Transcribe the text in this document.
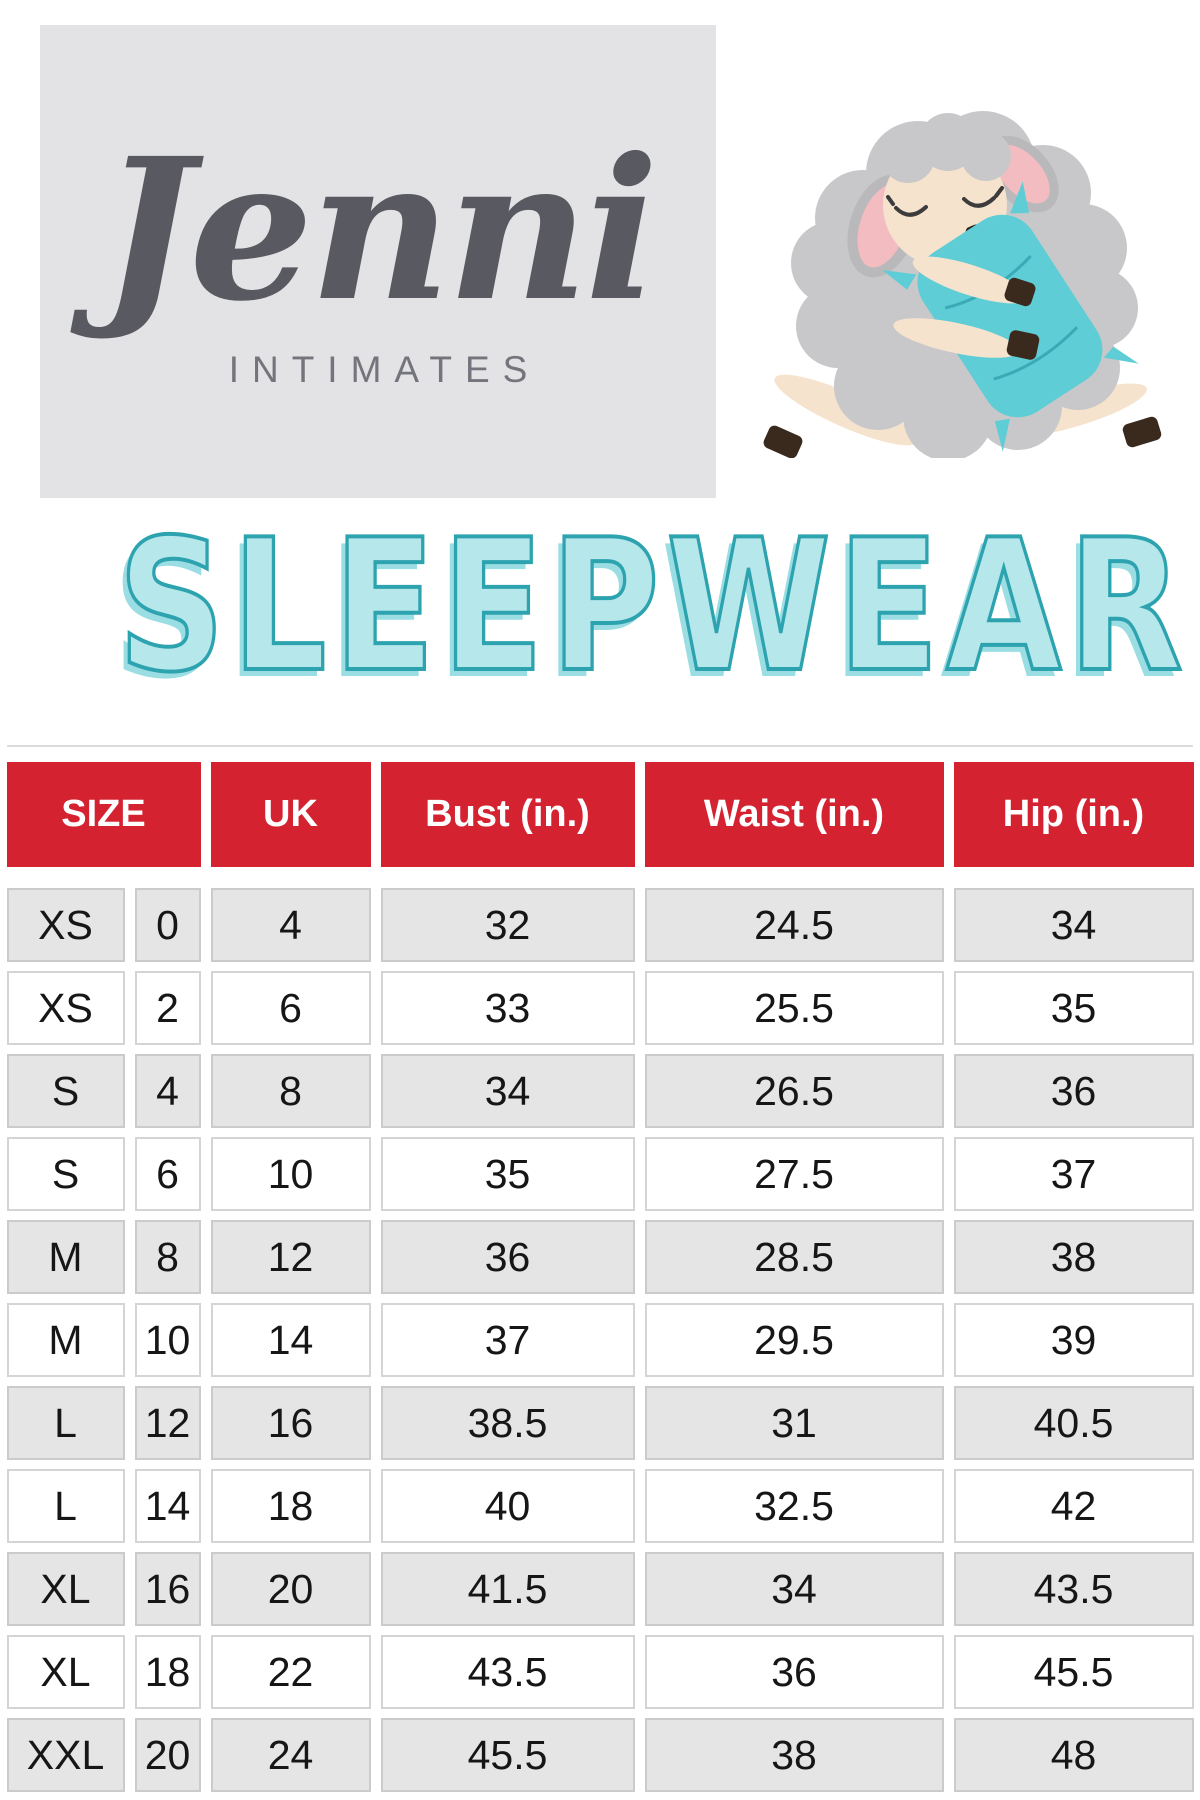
Jenni
INTIMATES
SLEEPWEAR
SIZE	UK	Bust (in.)	Waist (in.)	Hip (in.)
XS	0	4	32	24.5	34
XS	2	6	33	25.5	35
S	4	8	34	26.5	36
S	6	10	35	27.5	37
M	8	12	36	28.5	38
M	10	14	37	29.5	39
L	12	16	38.5	31	40.5
L	14	18	40	32.5	42
XL	16	20	41.5	34	43.5
XL	18	22	43.5	36	45.5
XXL 20	24	45.5	38	48
